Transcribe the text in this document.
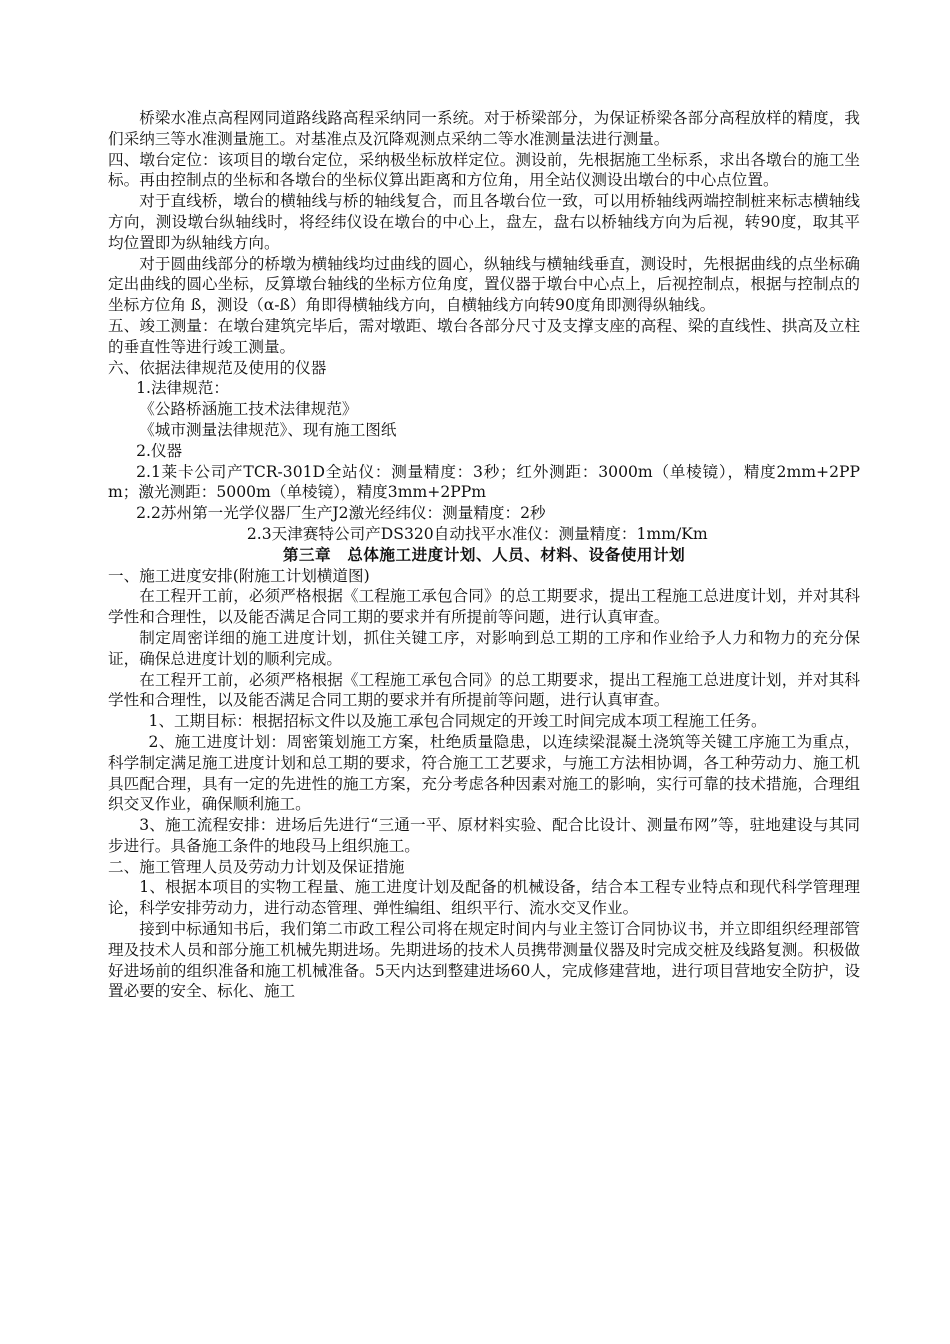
桥梁水准点高程网同道路线路高程采纳同一系统。对于桥梁部分，为保证桥梁各部分高程放样的精度，我们采纳三等水准测量施工。对基准点及沉降观测点采纳二等水准测量法进行测量。

四、墩台定位：该项目的墩台定位，采纳极坐标放样定位。测设前，先根据施工坐标系，求出各墩台的施工坐标。再由控制点的坐标和各墩台的坐标仪算出距离和方位角，用全站仪测设出墩台的中心点位置。

对于直线桥，墩台的横轴线与桥的轴线复合，而且各墩台位一致，可以用桥轴线两端控制桩来标志横轴线方向，测设墩台纵轴线时，将经纬仪设在墩台的中心上，盘左，盘右以桥轴线方向为后视，转90度，取其平均位置即为纵轴线方向。

对于圆曲线部分的桥墩为横轴线均过曲线的圆心，纵轴线与横轴线垂直，测设时，先根据曲线的点坐标确定出曲线的圆心坐标，反算墩台轴线的坐标方位角度，置仪器于墩台中心点上，后视控制点，根据与控制点的坐标方位角 ß，测设（α-ß）角即得横轴线方向，自横轴线方向转90度角即测得纵轴线。

五、竣工测量：在墩台建筑完毕后，需对墩距、墩台各部分尺寸及支撑支座的高程、梁的直线性、拱高及立柱的垂直性等进行竣工测量。

六、依据法律规范及使用的仪器

1.法律规范：

《公路桥涵施工技术法律规范》

《城市测量法律规范》、现有施工图纸

2.仪器

2.1莱卡公司产TCR-301D全站仪：测量精度：3秒；红外测距：3000m（单棱镜），精度2mm+2PPm；激光测距：5000m（单棱镜），精度3mm+2PPm

2.2苏州第一光学仪器厂生产J2激光经纬仪：测量精度：2秒

2.3天津赛特公司产DS320自动找平水准仪：测量精度：1mm/Km

第三章　总体施工进度计划、人员、材料、设备使用计划

一、施工进度安排(附施工计划横道图)

在工程开工前，必须严格根据《工程施工承包合同》的总工期要求，提出工程施工总进度计划，并对其科学性和合理性，以及能否满足合同工期的要求并有所提前等问题，进行认真审查。

制定周密详细的施工进度计划，抓住关键工序，对影响到总工期的工序和作业给予人力和物力的充分保证，确保总进度计划的顺利完成。

在工程开工前，必须严格根据《工程施工承包合同》的总工期要求，提出工程施工总进度计划，并对其科学性和合理性，以及能否满足合同工期的要求并有所提前等问题，进行认真审查。

1、工期目标：根据招标文件以及施工承包合同规定的开竣工时间完成本项工程施工任务。

2、施工进度计划：周密策划施工方案，杜绝质量隐患，以连续梁混凝土浇筑等关键工序施工为重点，科学制定满足施工进度计划和总工期的要求，符合施工工艺要求，与施工方法相协调，各工种劳动力、施工机具匹配合理，具有一定的先进性的施工方案，充分考虑各种因素对施工的影响，实行可靠的技术措施，合理组织交叉作业，确保顺利施工。

3、施工流程安排：进场后先进行“三通一平、原材料实验、配合比设计、测量布网”等，驻地建设与其同步进行。具备施工条件的地段马上组织施工。

二、施工管理人员及劳动力计划及保证措施

1、根据本项目的实物工程量、施工进度计划及配备的机械设备，结合本工程专业特点和现代科学管理理论，科学安排劳动力，进行动态管理、弹性编组、组织平行、流水交叉作业。

接到中标通知书后，我们第二市政工程公司将在规定时间内与业主签订合同协议书，并立即组织经理部管理及技术人员和部分施工机械先期进场。先期进场的技术人员携带测量仪器及时完成交桩及线路复测。积极做好进场前的组织准备和施工机械准备。5天内达到整建进场60人，完成修建营地，进行项目营地安全防护，设置必要的安全、标化、施工
